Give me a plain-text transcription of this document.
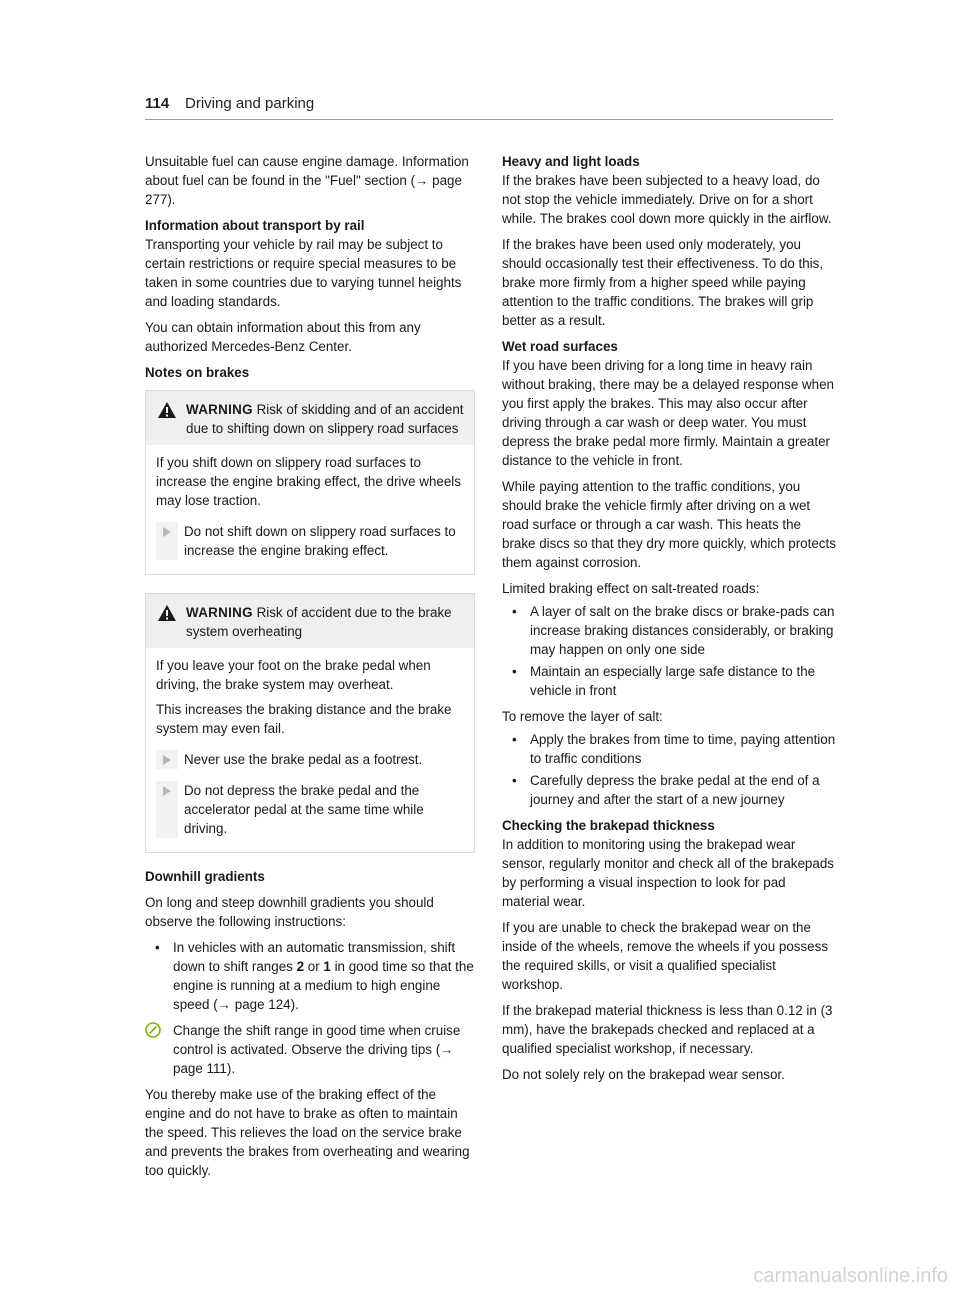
114 Driving and parking

Unsuitable fuel can cause engine damage. Information about fuel can be found in the "Fuel" section (→ page 277).

Information about transport by rail

Transporting your vehicle by rail may be subject to certain restrictions or require special measures to be taken in some countries due to varying tunnel heights and loading standards.

You can obtain information about this from any authorized Mercedes-Benz Center.

Notes on brakes

WARNING Risk of skidding and of an accident due to shifting down on slippery road surfaces

If you shift down on slippery road surfaces to increase the engine braking effect, the drive wheels may lose traction.

Do not shift down on slippery road surfaces to increase the engine braking effect.
WARNING Risk of accident due to the brake system overheating

If you leave your foot on the brake pedal when driving, the brake system may overheat.

This increases the braking distance and the brake system may even fail.

Never use the brake pedal as a footrest.
Do not depress the brake pedal and the accelerator pedal at the same time while driving.

Downhill gradients

On long and steep downhill gradients you should observe the following instructions:

• In vehicles with an automatic transmission, shift down to shift ranges 2 or 1 in good time so that the engine is running at a medium to high engine speed (→ page 124).
Change the shift range in good time when cruise control is activated. Observe the driving tips (→ page 111).

You thereby make use of the braking effect of the engine and do not have to brake as often to maintain the speed. This relieves the load on the service brake and prevents the brakes from overheating and wearing too quickly.

Heavy and light loads

If the brakes have been subjected to a heavy load, do not stop the vehicle immediately. Drive on for a short while. The brakes cool down more quickly in the airflow.

If the brakes have been used only moderately, you should occasionally test their effectiveness. To do this, brake more firmly from a higher speed while paying attention to the traffic conditions. The brakes will grip better as a result.

Wet road surfaces

If you have been driving for a long time in heavy rain without braking, there may be a delayed response when you first apply the brakes. This may also occur after driving through a car wash or deep water. You must depress the brake pedal more firmly. Maintain a greater distance to the vehicle in front.

While paying attention to the traffic conditions, you should brake the vehicle firmly after driving on a wet road surface or through a car wash. This heats the brake discs so that they dry more quickly, which protects them against corrosion.

Limited braking effect on salt-treated roads:

• A layer of salt on the brake discs or brake-pads can increase braking distances considerably, or braking may happen on only one side
• Maintain an especially large safe distance to the vehicle in front

To remove the layer of salt:

• Apply the brakes from time to time, paying attention to traffic conditions
• Carefully depress the brake pedal at the end of a journey and after the start of a new journey

Checking the brakepad thickness

In addition to monitoring using the brakepad wear sensor, regularly monitor and check all of the brakepads by performing a visual inspection to look for pad material wear.

If you are unable to check the brakepad wear on the inside of the wheels, remove the wheels if you possess the required skills, or visit a qualified specialist workshop.

If the brakepad material thickness is less than 0.12 in (3 mm), have the brakepads checked and replaced at a qualified specialist workshop, if necessary.

Do not solely rely on the brakepad wear sensor.

carmanualsonline.info
